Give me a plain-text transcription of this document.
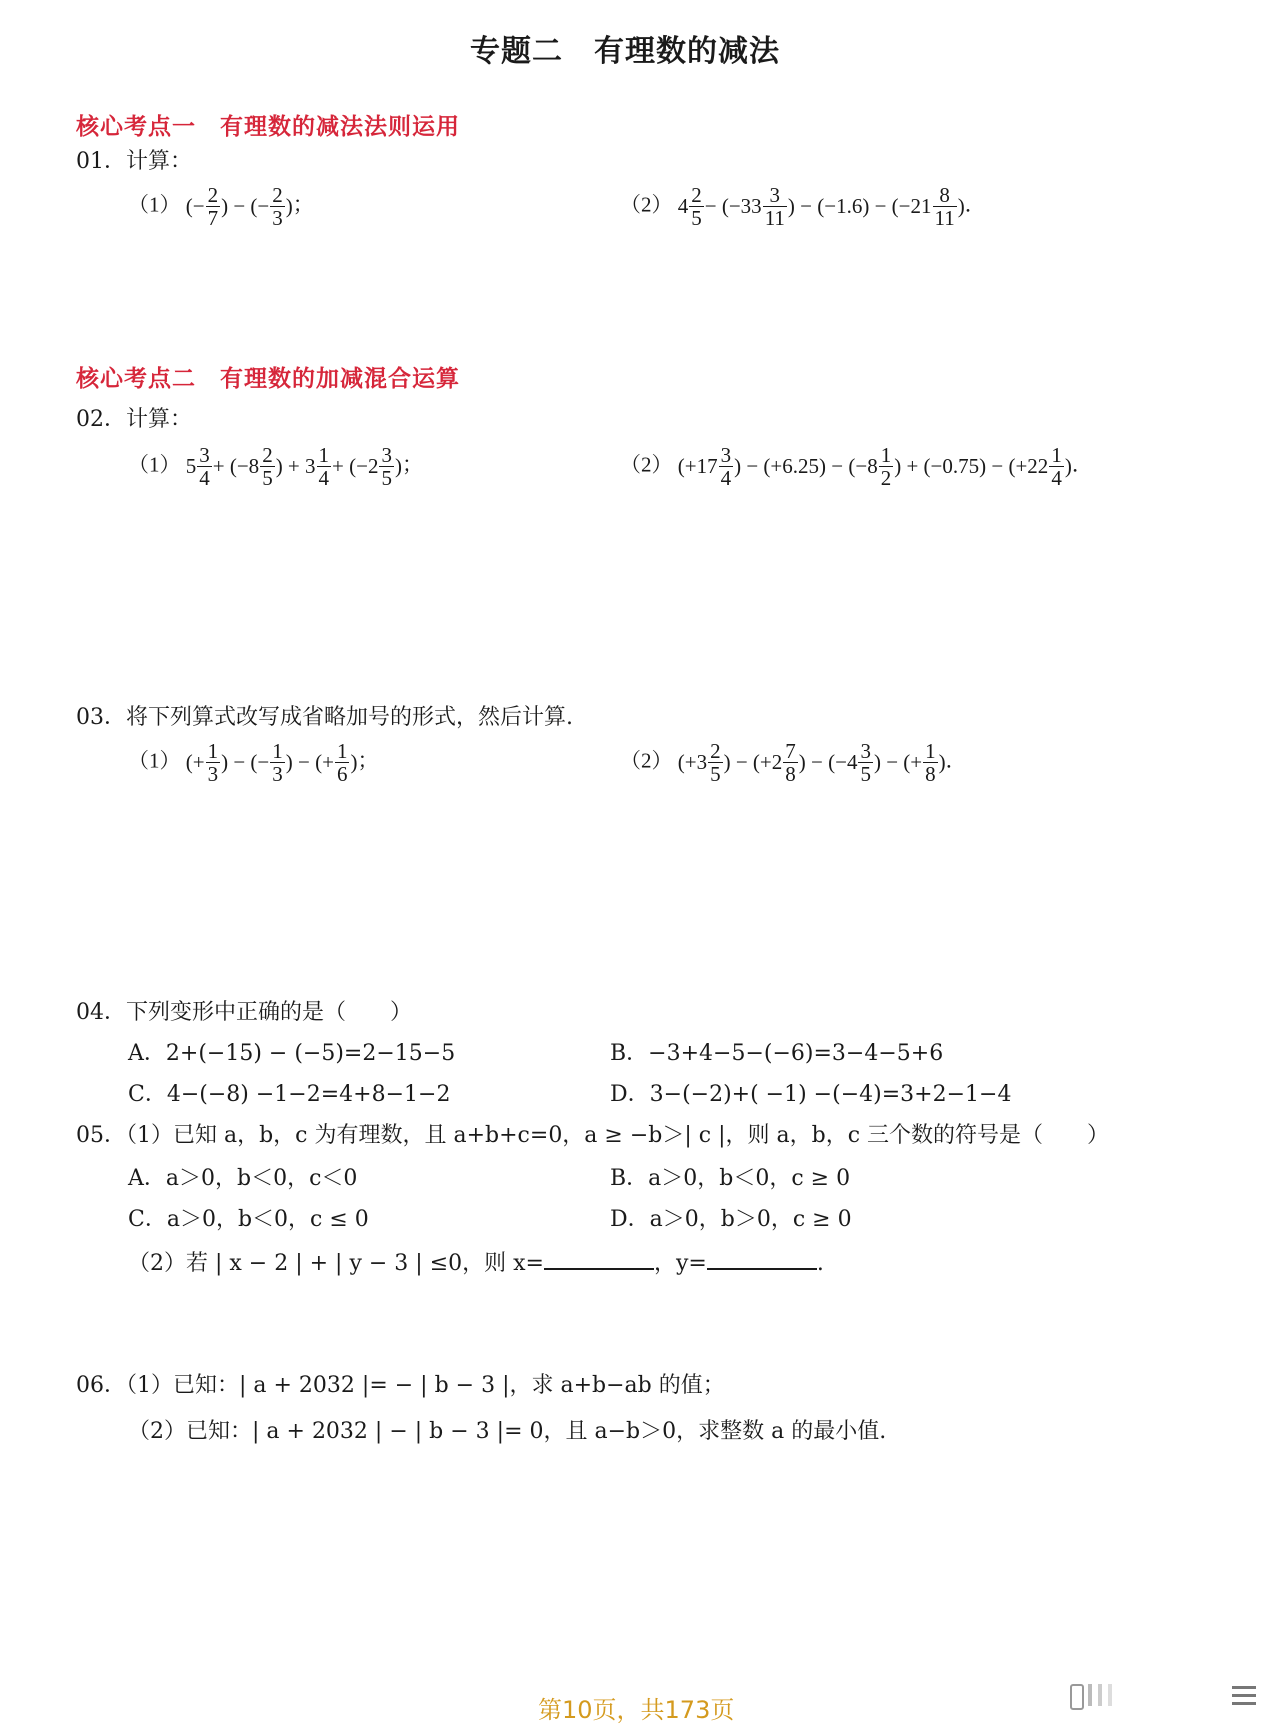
专题二　有理数的减法
核心考点一　有理数的减法法则运用
01．计算：
（1） (− $\frac{2}{7}$ ) − (− $\frac{2}{3}$ )；	（2） $4 \frac{2}{5} - (-33 \frac{3}{11}$ ) − $(-1.6) - (-21 \frac{8}{11}$ )．
核心考点二　有理数的加减混合运算
02．计算：
（1） $5 \frac{3}{4} + (-8 \frac{2}{5}$ ) + $3 \frac{1}{4} + (-2 \frac{3}{5}$ )；	（2） ($+17 \frac{3}{4}$ ) − $(+6.25) - (-8 \frac{1}{2}$ ) + $(-0.75) - (+22 \frac{1}{4}$ )．
03．将下列算式改写成省略加号的形式，然后计算.
（1） (+ $\frac{1}{3}$ ) − (− $\frac{1}{3}$ ) − (+ $\frac{1}{6}$ )；	（2） ($+3 \frac{2}{5}$ ) − ($+2 \frac{7}{8}$ ) − ($-4 \frac{3}{5}$ ) − (+ $\frac{1}{8}$ )．
04．下列变形中正确的是（　　）
A．2+(−15) − (−5)=2−15−5	B．−3+4−5−(−6)=3−4−5+6
C．4−(−8) −1−2=4+8−1−2	D．3−(−2)+( −1) −(−4)=3+2−1−4
05．（1）已知 a，b，c 为有理数，且 a+b+c=0，a ≥ −b＞| c |，则 a，b，c 三个数的符号是（　　）
A．a＞0，b＜0，c＜0	B．a＞0，b＜0，c ≥ 0
C．a＞0，b＜0，c ≤ 0	D．a＞0，b＞0，c ≥ 0
（2）若 | x − 2 | + | y − 3 | ≤0，则 x=	，y=	.
06．（1）已知：| a + 2032 |= − | b − 3 |，求 a+b−ab 的值；
（2）已知：| a + 2032 | − | b − 3 |= 0，且 a−b＞0，求整数 a 的最小值.
第10页，共173页
